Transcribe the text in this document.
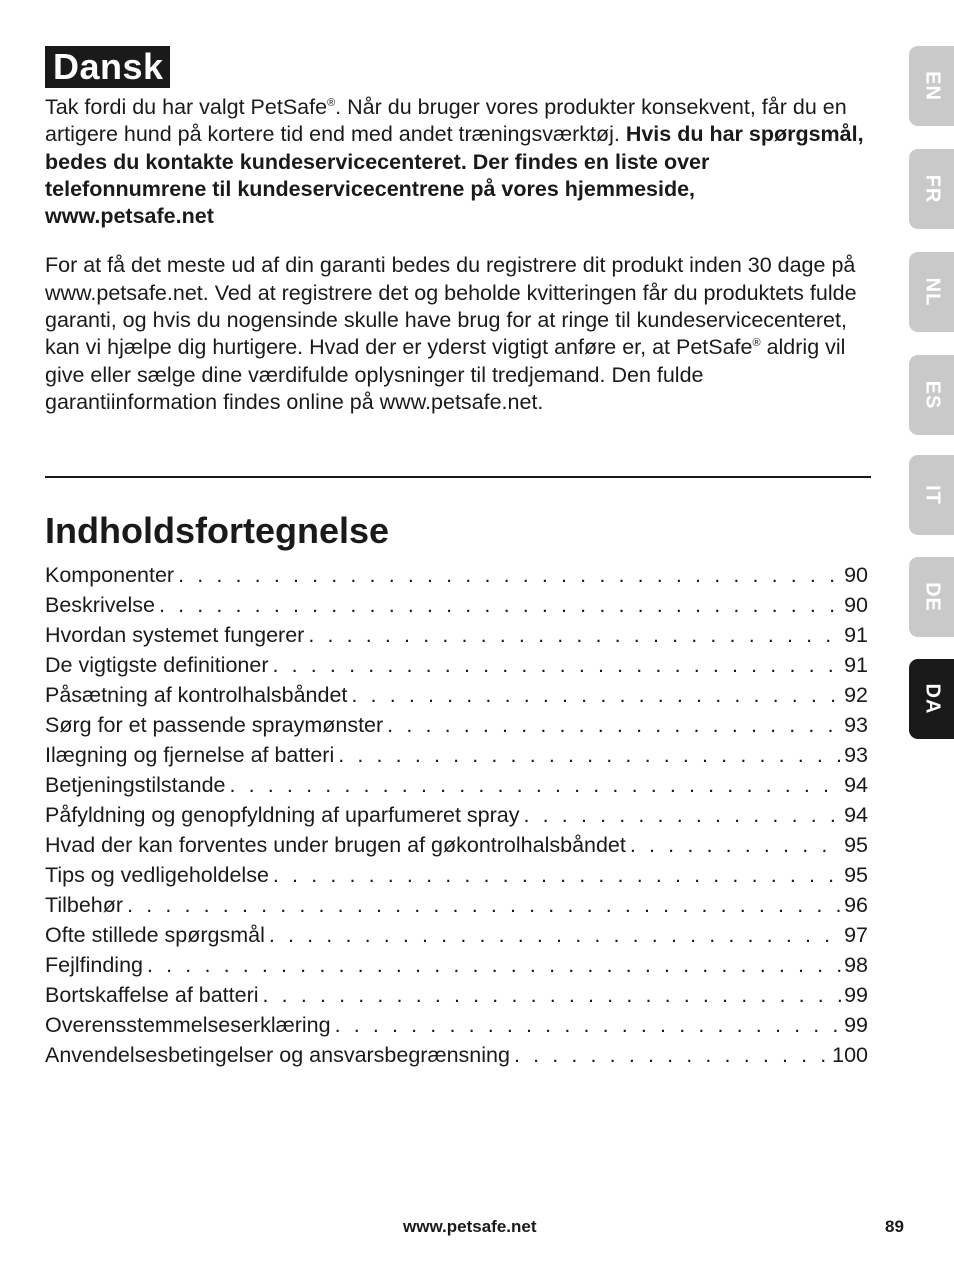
Dansk

Tak fordi du har valgt PetSafe®. Når du bruger vores produkter konsekvent, får du en artigere hund på kortere tid end med andet træningsværktøj. Hvis du har spørgsmål, bedes du kontakte kundeservicecenteret. Der findes en liste over telefonnumrene til kundeservicecentrene på vores hjemmeside, www.petsafe.net

For at få det meste ud af din garanti bedes du registrere dit produkt inden 30 dage på www.petsafe.net. Ved at registrere det og beholde kvitteringen får du produktets fulde garanti, og hvis du nogensinde skulle have brug for at ringe til kundeservicecenteret, kan vi hjælpe dig hurtigere. Hvad der er yderst vigtigt anføre er, at PetSafe® aldrig vil give eller sælge dine værdifulde oplysninger til tredjemand. Den fulde garantiinformation findes online på www.petsafe.net.

Indholdsfortegnelse
Komponenter . . .	90
Beskrivelse . . .	90
Hvordan systemet fungerer . . .	91
De vigtigste definitioner . . .	91
Påsætning af kontrolhalsbåndet . . .	92
Sørg for et passende spraymønster . . .	93
Ilægning og fjernelse af batteri . . .	93
Betjeningstilstande . . .	94
Påfyldning og genopfyldning af uparfumeret spray . . .	94
Hvad der kan forventes under brugen af gøkontrolhalsbåndet . . .	95
Tips og vedligeholdelse . . .	95
Tilbehør . . .	96
Ofte stillede spørgsmål . . .	97
Fejlfinding . . .	98
Bortskaffelse af batteri . . .	99
Overensstemmelseserklæring . . .	99
Anvendelsesbetingelser og ansvarsbegrænsning . . .	100
EN
FR
NL
ES
IT
DE
DA
www.petsafe.net	89
